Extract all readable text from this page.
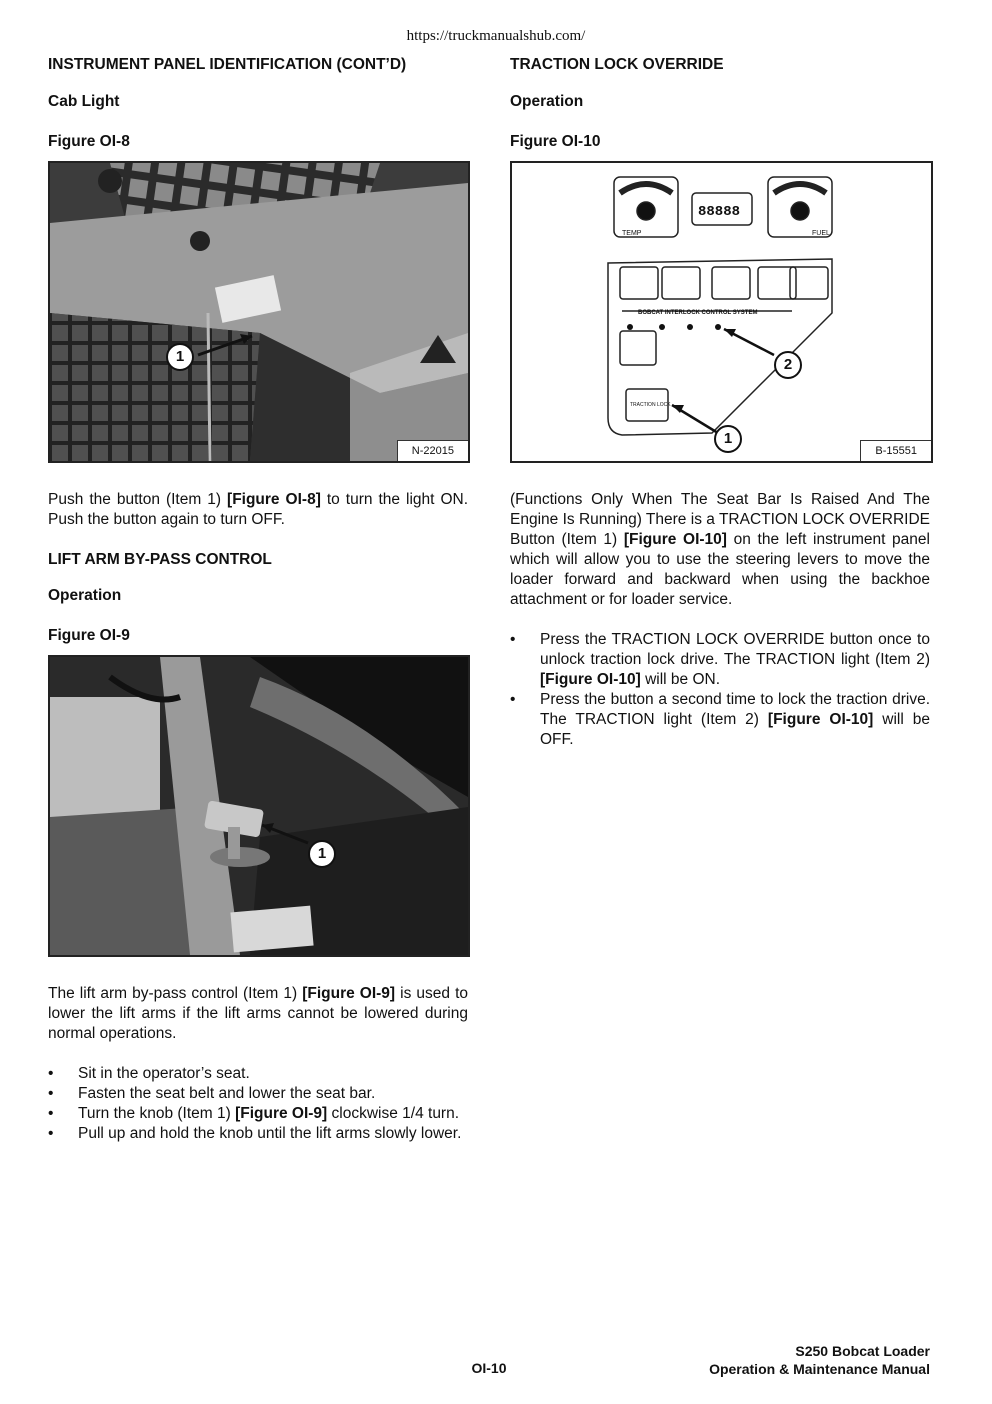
https://truckmanualshub.com/

INSTRUMENT PANEL IDENTIFICATION (CONT’D)

Cab Light

Figure OI-8

1
N-22015

Push the button (Item 1) [Figure OI-8] to turn the light ON. Push the button again to turn OFF.

LIFT ARM BY-PASS CONTROL

Operation

Figure OI-9

1

The lift arm by-pass control (Item 1) [Figure OI-9] is used to lower the lift arms if the lift arms cannot be lowered during normal operations.

• Sit in the operator’s seat.
• Fasten the seat belt and lower the seat bar.
• Turn the knob (Item 1) [Figure OI-9] clockwise 1/4 turn.
• Pull up and hold the knob until the lift arms slowly lower.

TRACTION LOCK OVERRIDE

Operation

Figure OI-10

TEMP	FUEL
88888
BOBCAT INTERLOCK CONTROL SYSTEM
TRACTION LOCK
2
1
B-15551

(Functions Only When The Seat Bar Is Raised And The Engine Is Running) There is a TRACTION LOCK OVERRIDE Button (Item 1) [Figure OI-10] on the left instrument panel which will allow you to use the steering levers to move the loader forward and backward when using the backhoe attachment or for loader service.

• Press the TRACTION LOCK OVERRIDE button once to unlock traction lock drive. The TRACTION light (Item 2) [Figure OI-10] will be ON.
• Press the button a second time to lock the traction drive. The TRACTION light (Item 2) [Figure OI-10] will be OFF.
OI-10
S250 Bobcat Loader
Operation & Maintenance Manual
